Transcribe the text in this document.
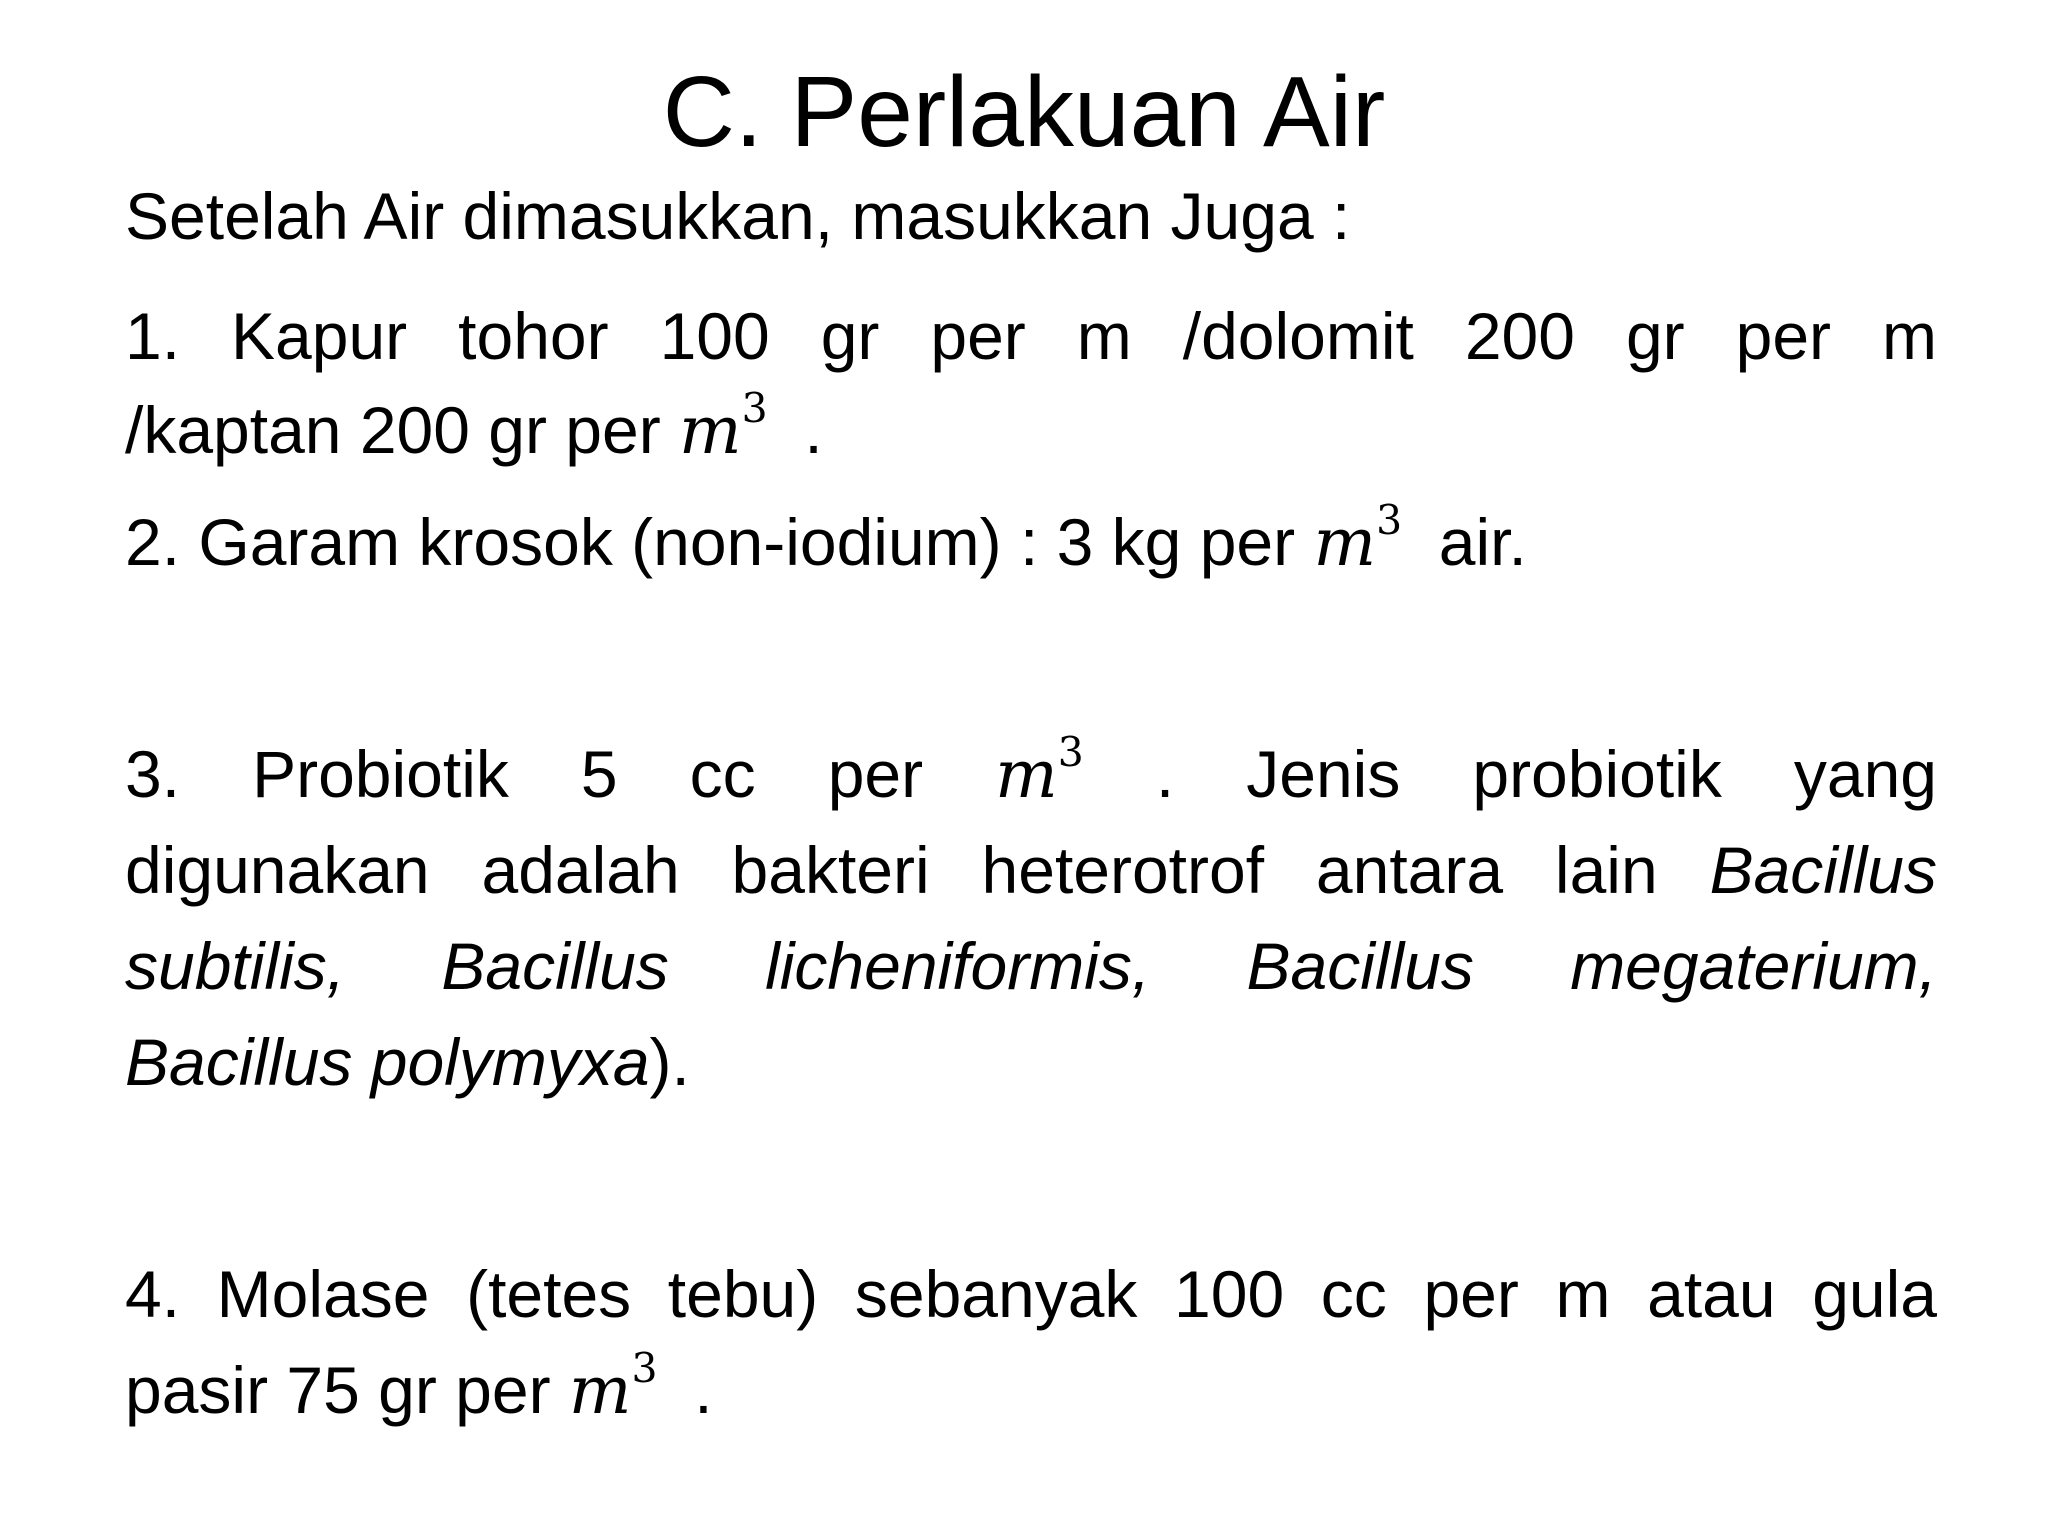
C. Perlakuan Air
Setelah Air dimasukkan, masukkan Juga :
1. Kapur tohor 100 gr per m /dolomit 200 gr per m
/kaptan 200 gr per $m^3$ .
2. Garam krosok (non-iodium) : 3 kg per $m^3$ air.
3. Probiotik 5 cc per $m^3$ . Jenis probiotik yang
digunakan adalah bakteri heterotrof antara lain Bacillus
subtilis, Bacillus licheniformis, Bacillus megaterium,
Bacillus polymyxa).
4. Molase (tetes tebu) sebanyak 100 cc per m atau gula
pasir 75 gr per $m^3$ .
